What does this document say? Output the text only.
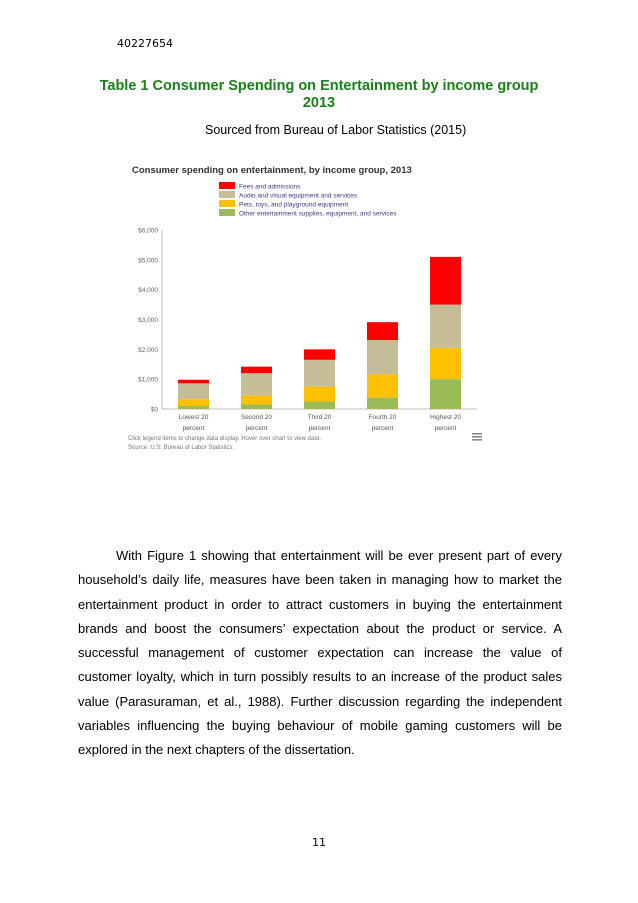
40227654
Table 1 Consumer Spending on Entertainment by income group
2013
Sourced from Bureau of Labor Statistics (2015)
Consumer spending on entertainment, by income group, 2013
Fees and admissions
Audio and visual equipment and services
Pets, toys, and playground equipment
Other entertainment supplies, equipment, and services
$0
$1,000
$2,000
$3,000
$4,000
$5,000
$6,000
Lowest 20
percent
Second 20
percent
Third 20
percent
Fourth 20
percent
Highest 20
percent
Click legend items to change data display. Hover over chart to view data.
Source: U.S. Bureau of Labor Statistics.

With Figure 1 showing that entertainment will be ever present part of every household’s daily life, measures have been taken in managing how to market the entertainment product in order to attract customers in buying the entertainment brands and boost the consumers’ expectation about the product or service. A successful management of customer expectation can increase the value of customer loyalty, which in turn possibly results to an increase of the product sales value (Parasuraman, et al., 1988). Further discussion regarding the independent variables influencing the buying behaviour of mobile gaming customers will be explored in the next chapters of the dissertation.

11
